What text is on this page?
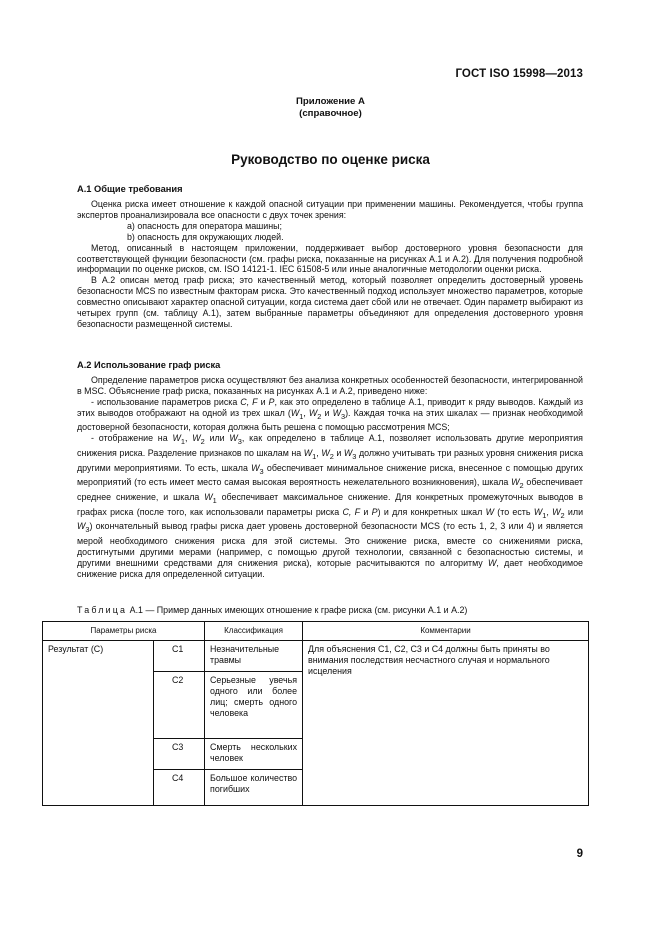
ГОСТ ISO 15998—2013
Приложение А
(справочное)
Руководство по оценке риска
А.1 Общие требования

Оценка риска имеет отношение к каждой опасной ситуации при применении машины. Рекомендуется, чтобы группа экспертов проанализировала все опасности с двух точек зрения:

a) опасность для оператора машины;

b) опасность для окружающих людей.

Метод, описанный в настоящем приложении, поддерживает выбор достоверного уровня безопасности для соответствующей функции безопасности (см. графы риска, показанные на рисунках А.1 и А.2). Для получения подробной информации по оценке рисков, см. ISO 14121-1. IEC 61508-5 или иные аналогичные методологии оценки риска.

В А.2 описан метод граф риска; это качественный метод, который позволяет определить достоверный уровень безопасности MCS по известным факторам риска. Это качественный подход использует множество параметров, которые совместно описывают характер опасной ситуации, когда система дает сбой или не отвечает. Один параметр выбирают из четырех групп (см. таблицу А.1), затем выбранные параметры объединяют для определения достоверного уровня безопасности размещенной системы.

А.2 Использование граф риска

Определение параметров риска осуществляют без анализа конкретных особенностей безопасности, интегрированной в MSC. Объяснение граф риска, показанных на рисунках А.1 и А.2, приведено ниже:

- использование параметров риска C, F и P, как это определено в таблице А.1, приводит к ряду выводов. Каждый из этих выводов отображают на одной из трех шкал ($W_1$, $W_2$ и $W_3$). Каждая точка на этих шкалах — признак необходимой достоверной безопасности, которая должна быть решена с помощью рассмотрения MCS;

- отображение на $W_1$, $W_2$ или $W_3$, как определено в таблице А.1, позволяет использовать другие мероприятия снижения риска. Разделение признаков по шкалам на $W_1$, $W_2$ и $W_3$ должно учитывать три разных уровня снижения риска другими мероприятиями. То есть, шкала $W_3$ обеспечивает минимальное снижение риска, внесенное с помощью других мероприятий (то есть имеет место самая высокая вероятность нежелательного возникновения), шкала $W_2$ обеспечивает среднее снижение, и шкала $W_1$ обеспечивает максимальное снижение. Для конкретных промежуточных выводов в графах риска (после того, как использовали параметры риска C, F и P) и для конкретных шкал W (то есть $W_1$, $W_2$ или $W_3$) окончательный вывод графы риска дает уровень достоверной безопасности MCS (то есть 1, 2, 3 или 4) и является мерой необходимого снижения риска для этой системы. Это снижение риска, вместе со снижениями риска, достигнутыми другими мерами (например, с помощью другой технологии, связанной с безопасностью системы, и другими внешними средствами для снижения риска), которые расчитываются по алгоритму W, дает необходимое снижение риска для определенной ситуации.

Таблица А.1 — Пример данных имеющих отношение к графе риска (см. рисунки А.1 и А.2)
Параметры риска		Классификация	Комментарии
Результат (С)	C1	Незначительные травмы	Для объяснения C1, C2, C3 и C4 должны быть приняты во внимания последствия несчастного случая и нормального исцеления
	C2	Серьезные увечья одного или более лиц; смерть одного человека	
	C3	Смерть нескольких человек	
	C4	Большое количество погибших	
9
